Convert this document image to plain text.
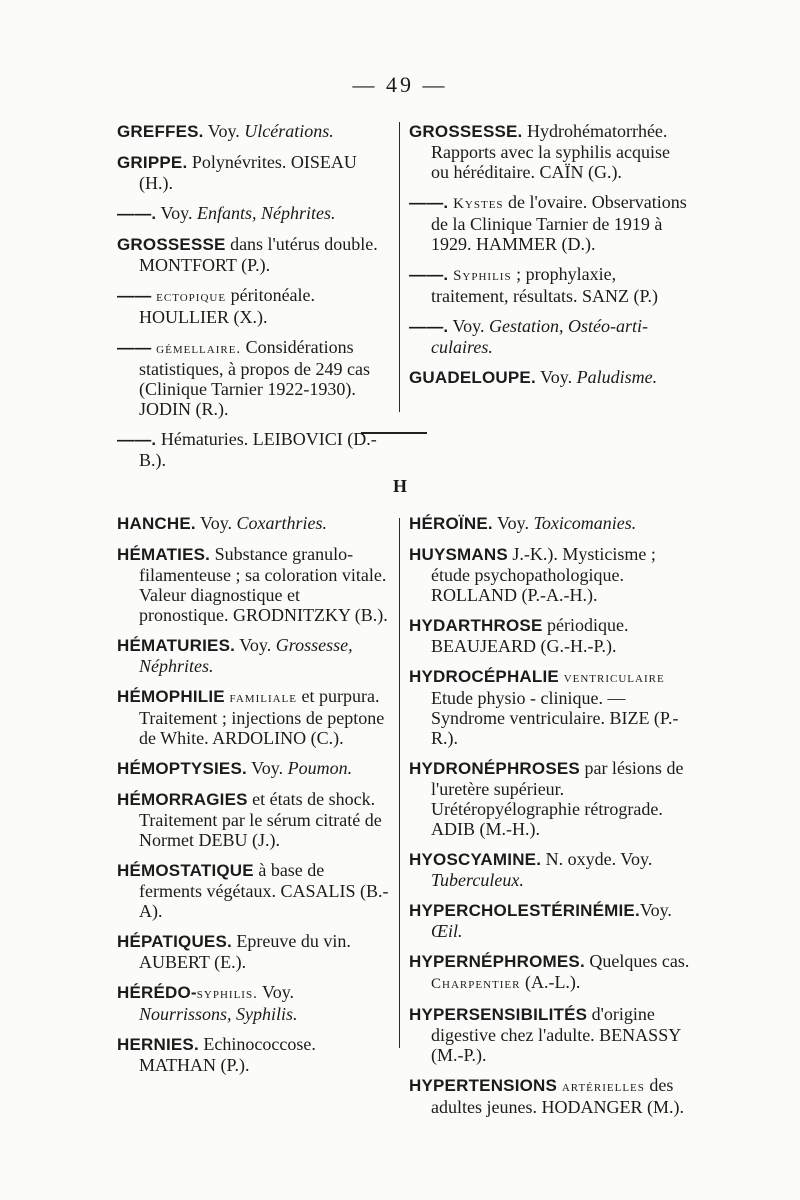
— 49 —

GREFFES. Voy. Ulcérations.

GRIPPE. Polynévrites. OISEAU (H.).

——. Voy. Enfants, Néphrites.

GROSSESSE dans l'utérus double. MONTFORT (P.).

—— ectopique péritonéale. HOULLIER (X.).

—— gémellaire. Considérations statistiques, à propos de 249 cas (Clinique Tarnier 1922-1930). JODIN (R.).

——. Hématuries. LEIBOVICI (D.-B.).

GROSSESSE. Hydrohématorrhée. Rapports avec la syphilis acquise ou héréditaire. CAÏN (G.).

——. Kystes de l'ovaire. Observations de la Clinique Tarnier de 1919 à 1929. HAMMER (D.).

——. Syphilis ; prophylaxie, traitement, résultats. SANZ (P.)

——. Voy. Gestation, Ostéo-arti-culaires.

GUADELOUPE. Voy. Paludisme.

H

HANCHE. Voy. Coxarthries.

HÉMATIES. Substance granulo-filamenteuse ; sa coloration vitale. Valeur diagnostique et pronostique. GRODNITZKY (B.).

HÉMATURIES. Voy. Grossesse, Néphrites.

HÉMOPHILIE familiale et purpura. Traitement ; injections de peptone de White. ARDOLINO (C.).

HÉMOPTYSIES. Voy. Poumon.

HÉMORRAGIES et états de shock. Traitement par le sérum citraté de Normet DEBU (J.).

HÉMOSTATIQUE à base de ferments végétaux. CASALIS (B.-A).

HÉPATIQUES. Epreuve du vin. AUBERT (E.).

HÉRÉDO-syphilis. Voy. Nourrissons, Syphilis.

HERNIES. Echinococcose. MATHAN (P.).

HÉROÏNE. Voy. Toxicomanies.

HUYSMANS J.-K.). Mysticisme ; étude psychopathologique. ROLLAND (P.-A.-H.).

HYDARTHROSE périodique. BEAUJEARD (G.-H.-P.).

HYDROCÉPHALIE ventriculaire Etude physio - clinique. — Syndrome ventriculaire. BIZE (P.-R.).

HYDRONÉPHROSES par lésions de l'uretère supérieur. Urétéropyélographie rétrograde. ADIB (M.-H.).

HYOSCYAMINE. N. oxyde. Voy. Tuberculeux.

HYPERCHOLESTÉRINÉMIE.Voy. Œil.

HYPERNÉPHROMES. Quelques cas. Charpentier (A.-L.).

HYPERSENSIBILITÉS d'origine digestive chez l'adulte. BENASSY (M.-P.).

HYPERTENSIONS artérielles des adultes jeunes. HODANGER (M.).
